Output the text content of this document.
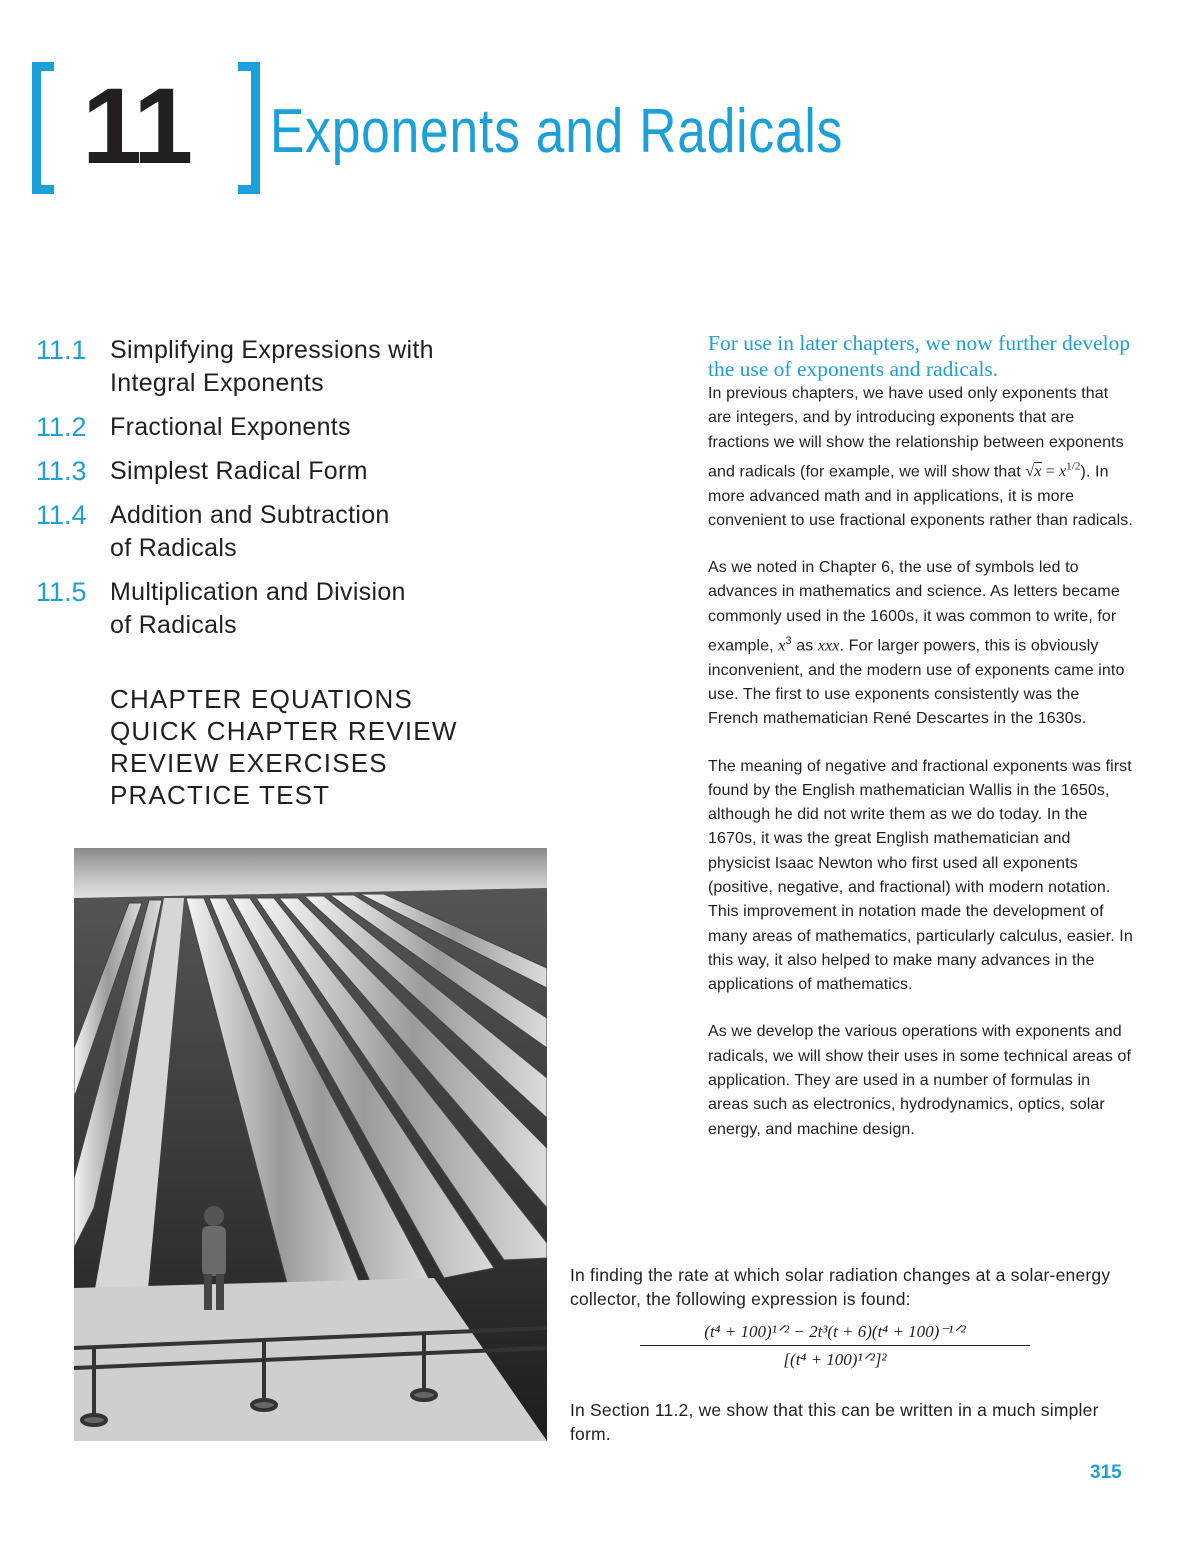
11 Exponents and Radicals
11.1 Simplifying Expressions with
Integral Exponents
11.2 Fractional Exponents
11.3 Simplest Radical Form
11.4 Addition and Subtraction
of Radicals
11.5 Multiplication and Division
of Radicals
CHAPTER EQUATIONS
QUICK CHAPTER REVIEW
REVIEW EXERCISES
PRACTICE TEST

For use in later chapters, we now further develop the use of exponents and radicals.

In previous chapters, we have used only exponents that are integers, and by introducing exponents that are fractions we will show the relationship between exponents and radicals (for example, we will show that $√x = x^{1/2}$). In more advanced math and in applications, it is more convenient to use fractional exponents rather than radicals.

As we noted in Chapter 6, the use of symbols led to advances in mathematics and science. As letters became commonly used in the 1600s, it was common to write, for example, $x^3$ as xxx. For larger powers, this is obviously inconvenient, and the modern use of exponents came into use. The first to use exponents consistently was the French mathematician René Descartes in the 1630s.

The meaning of negative and fractional exponents was first found by the English mathematician Wallis in the 1650s, although he did not write them as we do today. In the 1670s, it was the great English mathematician and physicist Isaac Newton who first used all exponents (positive, negative, and fractional) with modern notation. This improvement in notation made the development of many areas of mathematics, particularly calculus, easier. In this way, it also helped to make many advances in the applications of mathematics.

As we develop the various operations with exponents and radicals, we will show their uses in some technical areas of application. They are used in a number of formulas in areas such as electronics, hydrodynamics, optics, solar energy, and machine design.

In finding the rate at which solar radiation changes at a solar-energy collector, the following expression is found:
(t⁴ + 100)¹ᐟ² − 2t³(t + 6)(t⁴ + 100)⁻¹ᐟ²
[(t⁴ + 100)¹ᐟ²]²
In Section 11.2, we show that this can be written in a much simpler form.
315
